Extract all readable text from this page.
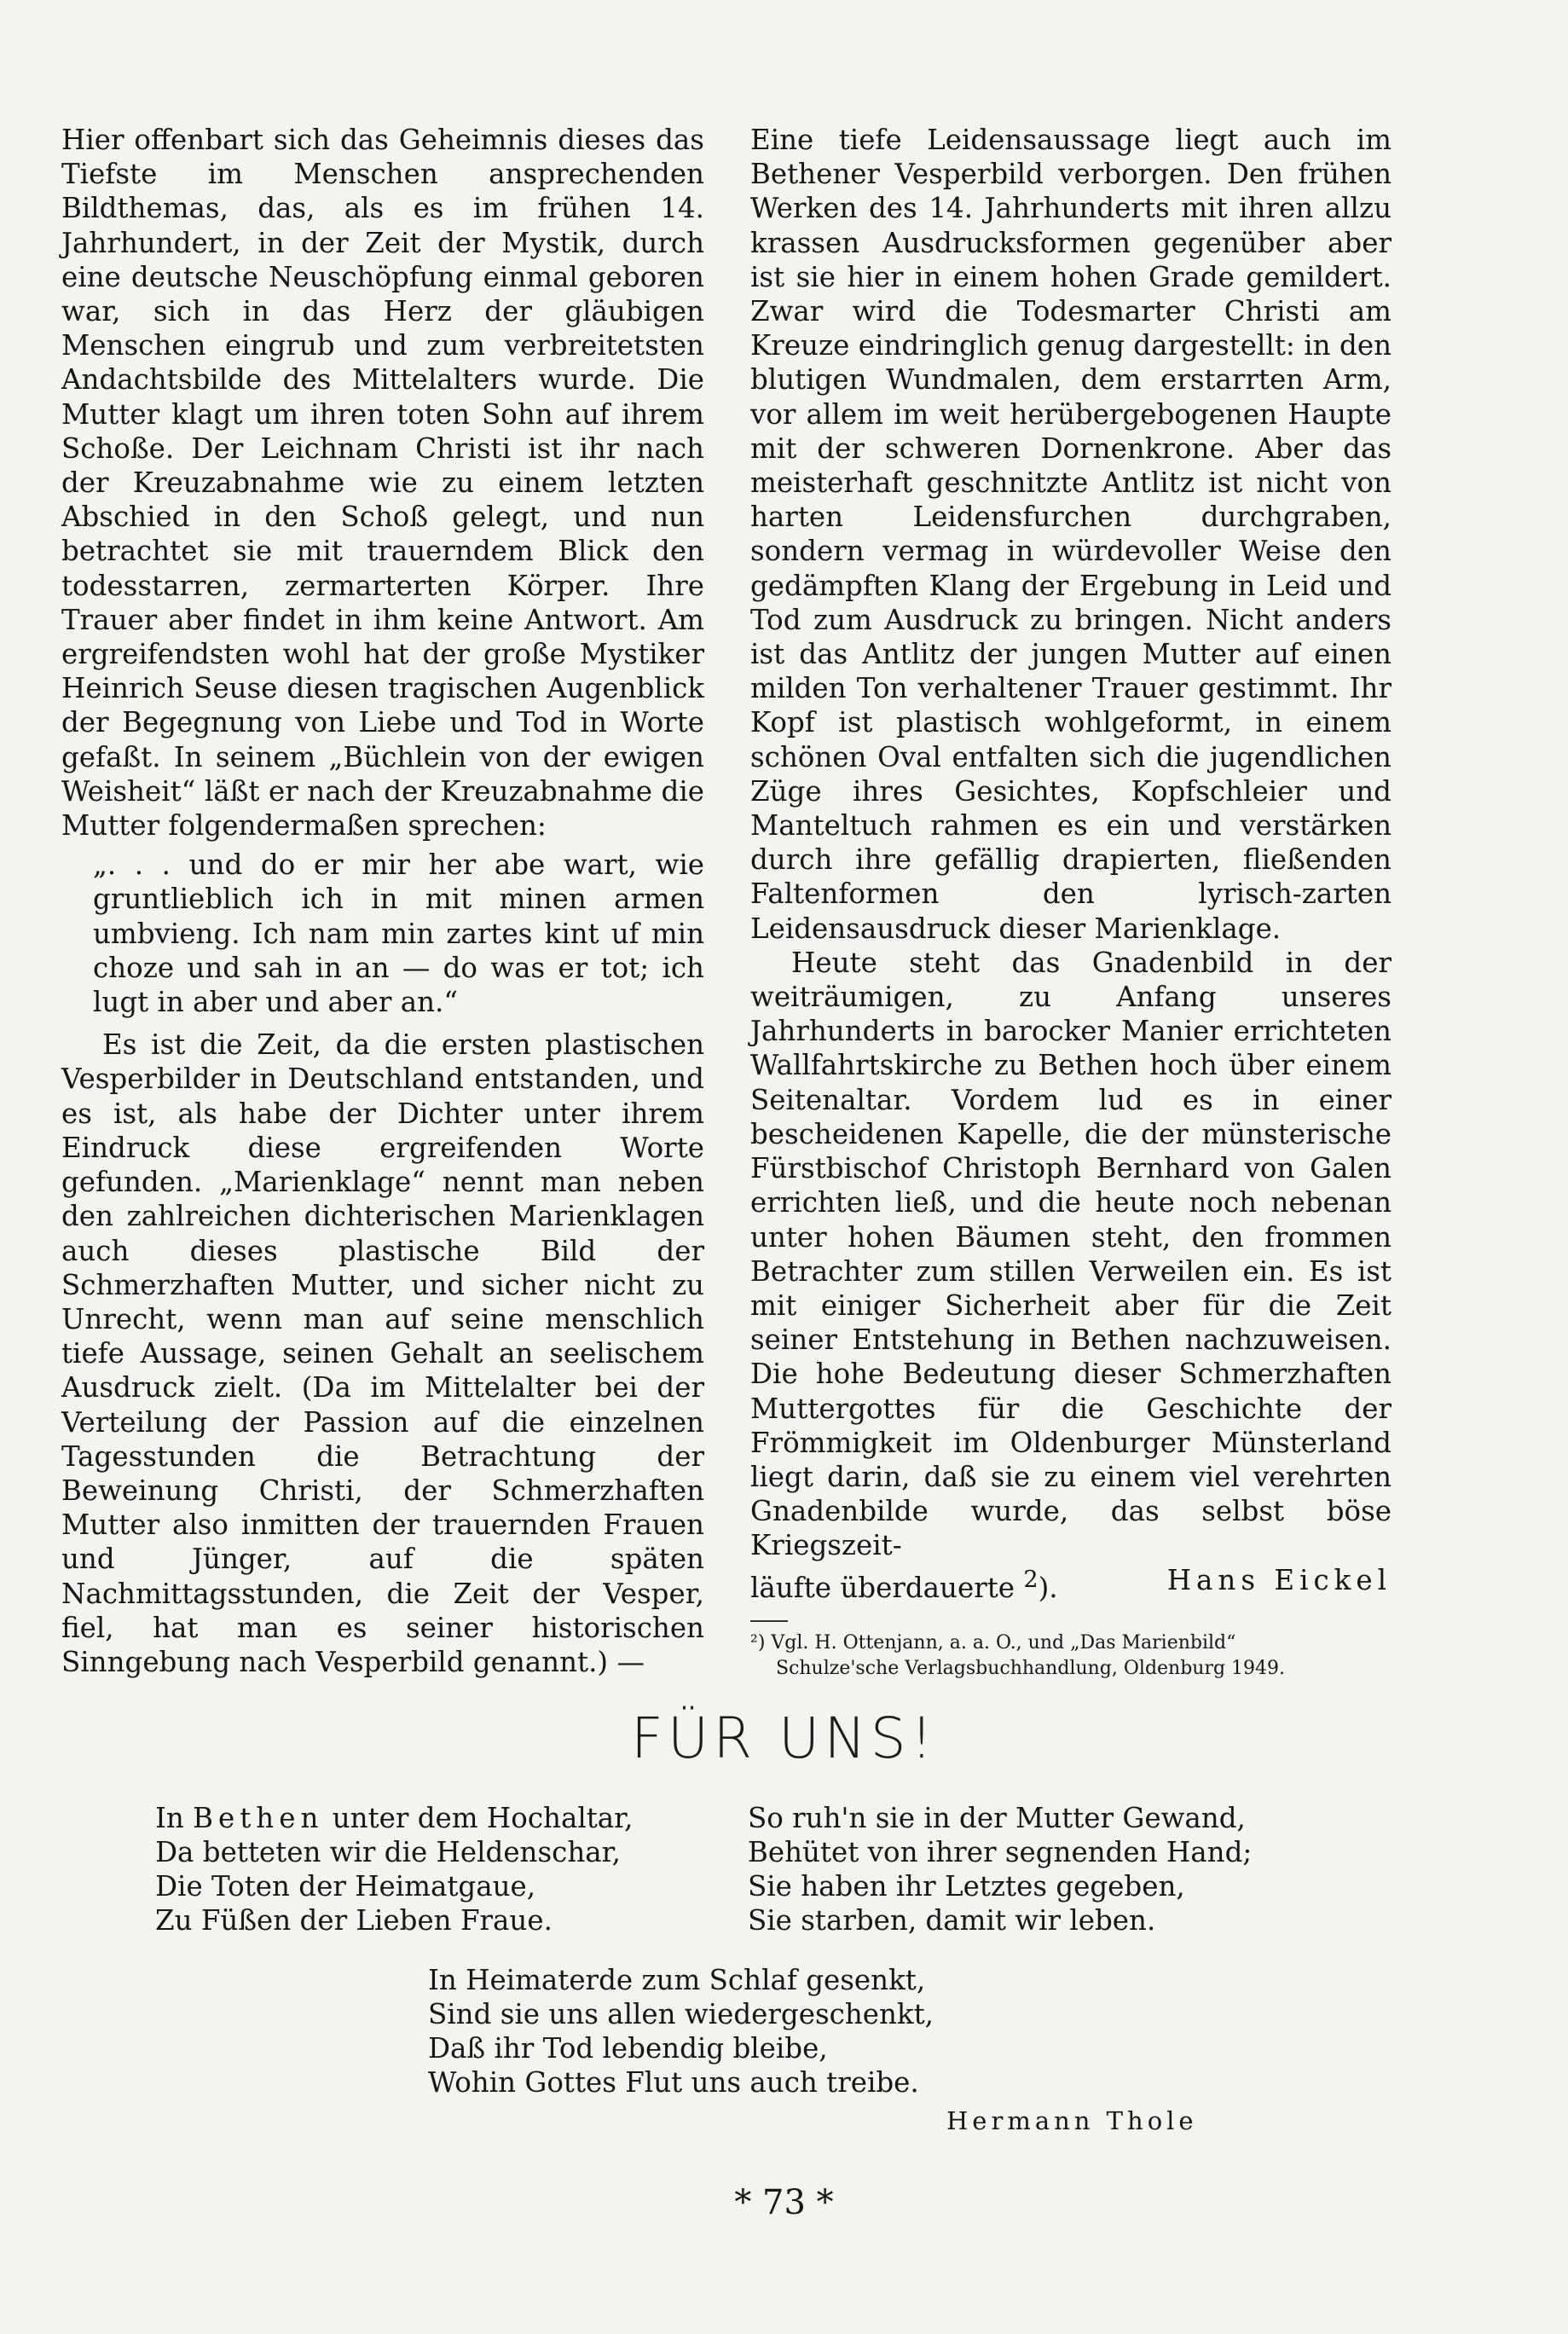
Hier offenbart sich das Geheimnis dieses das Tiefste im Menschen ansprechenden Bildthemas, das, als es im frühen 14. Jahrhundert, in der Zeit der Mystik, durch eine deutsche Neuschöpfung einmal geboren war, sich in das Herz der gläubigen Menschen eingrub und zum verbreitetsten Andachtsbilde des Mittelalters wurde. Die Mutter klagt um ihren toten Sohn auf ihrem Schoße. Der Leichnam Christi ist ihr nach der Kreuzabnahme wie zu einem letzten Abschied in den Schoß gelegt, und nun betrachtet sie mit trauerndem Blick den todesstarren, zermarterten Körper. Ihre Trauer aber findet in ihm keine Antwort. Am ergreifendsten wohl hat der große Mystiker Heinrich Seuse diesen tragischen Augenblick der Begegnung von Liebe und Tod in Worte gefaßt. In seinem „Büchlein von der ewigen Weisheit“ läßt er nach der Kreuzabnahme die Mutter folgendermaßen sprechen:

„. . . und do er mir her abe wart, wie gruntlieblich ich in mit minen armen umbvieng. Ich nam min zartes kint uf min choze und sah in an — do was er tot; ich lugt in aber und aber an.“

Es ist die Zeit, da die ersten plastischen Vesperbilder in Deutschland entstanden, und es ist, als habe der Dichter unter ihrem Eindruck diese ergreifenden Worte gefunden. „Marienklage“ nennt man neben den zahlreichen dichterischen Marienklagen auch dieses plastische Bild der Schmerzhaften Mutter, und sicher nicht zu Unrecht, wenn man auf seine menschlich tiefe Aussage, seinen Gehalt an seelischem Ausdruck zielt. (Da im Mittelalter bei der Verteilung der Passion auf die einzelnen Tagesstunden die Betrachtung der Beweinung Christi, der Schmerzhaften Mutter also inmitten der trauernden Frauen und Jünger, auf die späten Nachmittagsstunden, die Zeit der Vesper, fiel, hat man es seiner historischen Sinngebung nach Vesperbild genannt.) —

Eine tiefe Leidensaussage liegt auch im Bethener Vesperbild verborgen. Den frühen Werken des 14. Jahrhunderts mit ihren allzu krassen Ausdrucksformen gegenüber aber ist sie hier in einem hohen Grade gemildert. Zwar wird die Todesmarter Christi am Kreuze eindringlich genug dargestellt: in den blutigen Wundmalen, dem erstarrten Arm, vor allem im weit herübergebogenen Haupte mit der schweren Dornenkrone. Aber das meisterhaft geschnitzte Antlitz ist nicht von harten Leidensfurchen durchgraben, sondern vermag in würdevoller Weise den gedämpften Klang der Ergebung in Leid und Tod zum Ausdruck zu bringen. Nicht anders ist das Antlitz der jungen Mutter auf einen milden Ton verhaltener Trauer gestimmt. Ihr Kopf ist plastisch wohlgeformt, in einem schönen Oval entfalten sich die jugendlichen Züge ihres Gesichtes, Kopfschleier und Manteltuch rahmen es ein und verstärken durch ihre gefällig drapierten, fließenden Faltenformen den lyrisch-zarten Leidensausdruck dieser Marienklage.

Heute steht das Gnadenbild in der weiträumigen, zu Anfang unseres Jahrhunderts in barocker Manier errichteten Wallfahrtskirche zu Bethen hoch über einem Seitenaltar. Vordem lud es in einer bescheidenen Kapelle, die der münsterische Fürstbischof Christoph Bernhard von Galen errichten ließ, und die heute noch nebenan unter hohen Bäumen steht, den frommen Betrachter zum stillen Verweilen ein. Es ist mit einiger Sicherheit aber für die Zeit seiner Entstehung in Bethen nachzuweisen. Die hohe Bedeutung dieser Schmerzhaften Muttergottes für die Geschichte der Frömmigkeit im Oldenburger Münsterland liegt darin, daß sie zu einem viel verehrten Gnadenbilde wurde, das selbst böse Kriegszeit-

läufte überdauerte $^2$).	Hans Eickel

²) Vgl. H. Ottenjann, a. a. O., und „Das Marienbild“
Schulze'sche Verlagsbuchhandlung, Oldenburg 1949.
FÜR UNS!

In Bethen unter dem Hochaltar,

Da betteten wir die Heldenschar,

Die Toten der Heimatgaue,

Zu Füßen der Lieben Fraue.

So ruh'n sie in der Mutter Gewand,

Behütet von ihrer segnenden Hand;

Sie haben ihr Letztes gegeben,

Sie starben, damit wir leben.

In Heimaterde zum Schlaf gesenkt,

Sind sie uns allen wiedergeschenkt,

Daß ihr Tod lebendig bleibe,

Wohin Gottes Flut uns auch treibe.

Hermann Thole
* 73 *
